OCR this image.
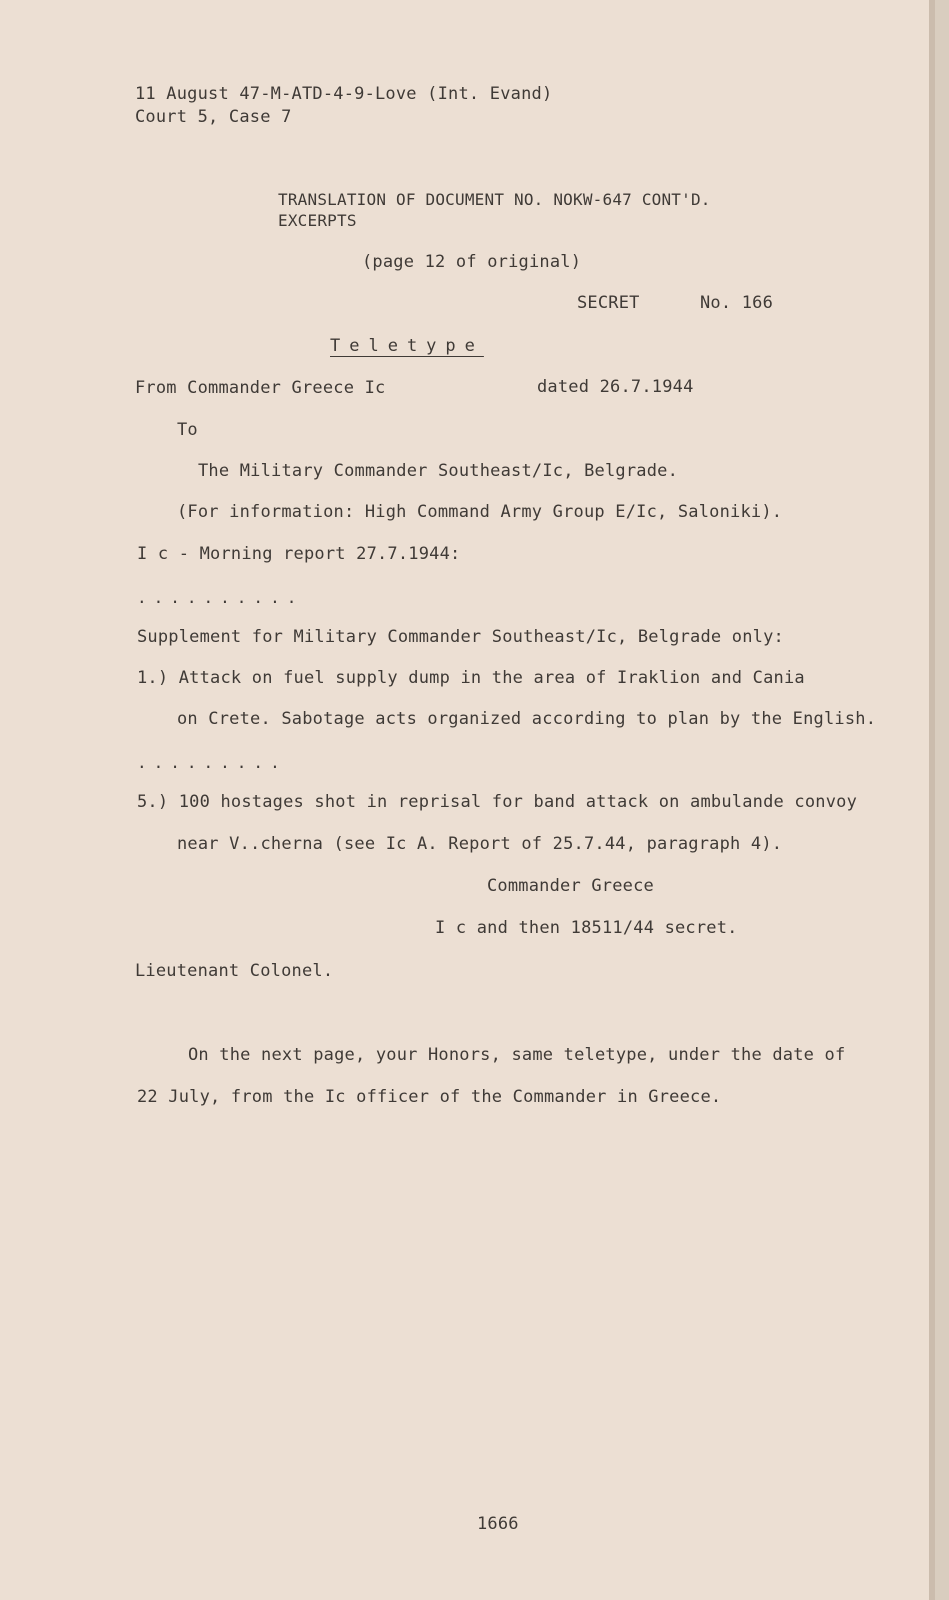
11 August 47-M-ATD-4-9-Love (Int. Evand)
Court 5, Case 7
TRANSLATION OF DOCUMENT NO. NOKW-647 CONT'D.
EXCERPTS
(page 12 of original)
SECRET	No. 166
Teletype
From Commander Greece Ic	dated 26.7.1944
To
The Military Commander Southeast/Ic, Belgrade.
(For information: High Command Army Group E/Ic, Saloniki).
I c - Morning report 27.7.1944:
..........
Supplement for Military Commander Southeast/Ic, Belgrade only:
1.) Attack on fuel supply dump in the area of Iraklion and Cania
on Crete. Sabotage acts organized according to plan by the English.
.........
5.) 100 hostages shot in reprisal for band attack on ambulande convoy
near V..cherna (see Ic A. Report of 25.7.44, paragraph 4).
Commander Greece
I c and then 18511/44 secret.
Lieutenant Colonel.
On the next page, your Honors, same teletype, under the date of
22 July, from the Ic officer of the Commander in Greece.
1666
